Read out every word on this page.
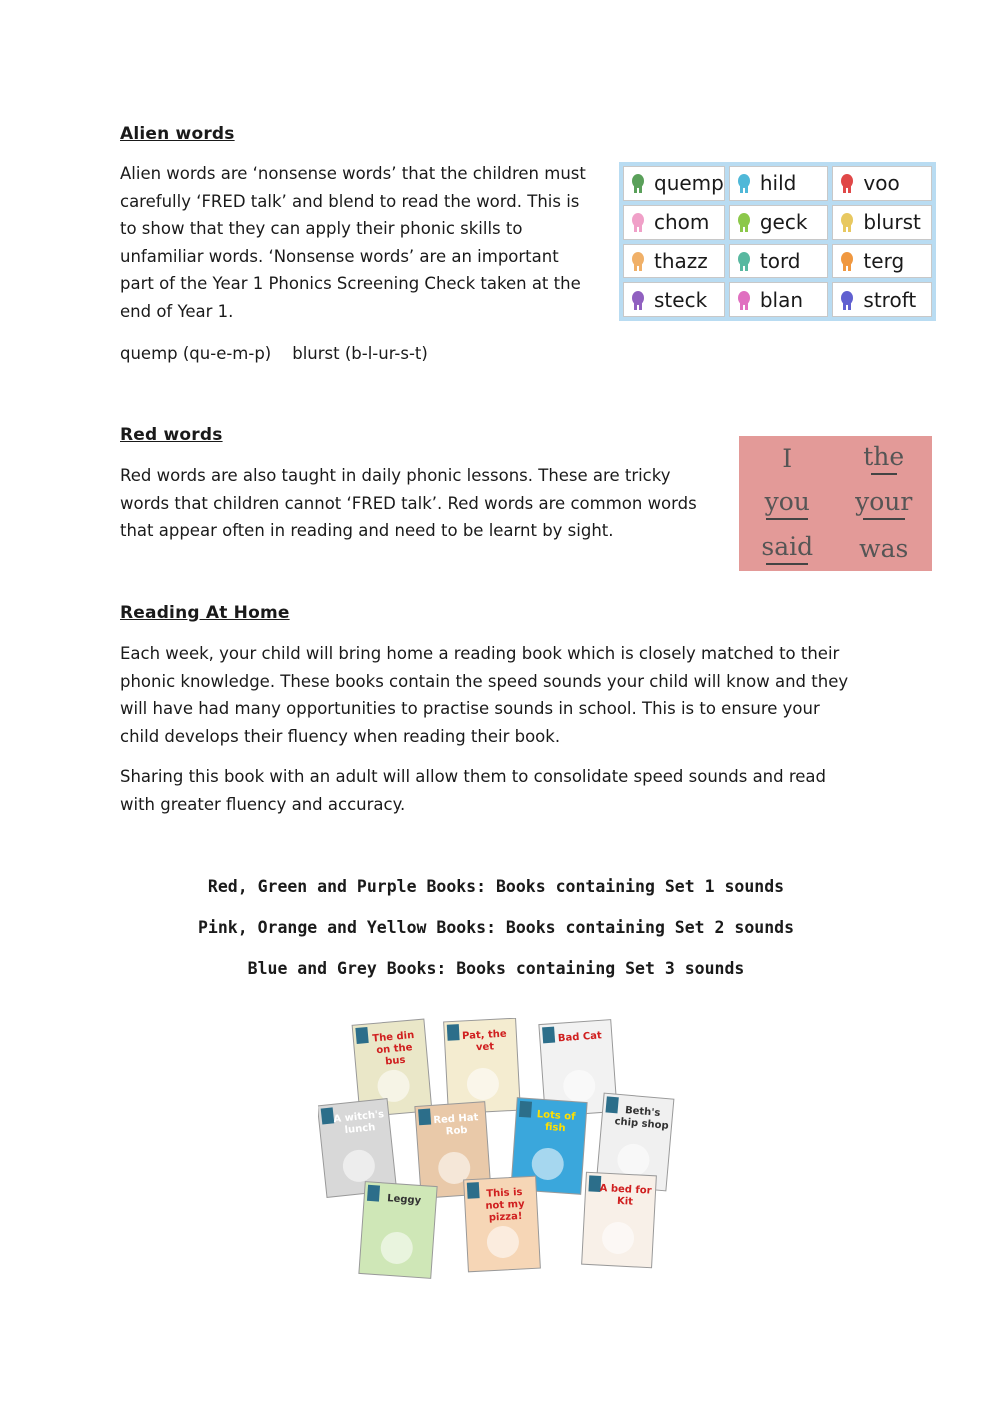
Alien words
Alien words are ‘nonsense words’ that the children must
carefully ‘FRED talk’ and blend to read the word. This is
to show that they can apply their phonic skills to
unfamiliar words. ‘Nonsense words’ are an important
part of the Year 1 Phonics Screening Check taken at the
end of Year 1.
quemp (qu-e-m-p)    blurst (b-l-ur-s-t)
quemp hild	voo
chom	geck	blurst
thazz	tord	terg
steck	blan	stroft
Red words
Red words are also taught in daily phonic lessons. These are tricky
words that children cannot ‘FRED talk’. Red words are common words
that appear often in reading and need to be learnt by sight.
I	the
you your
said was
Reading At Home
Each week, your child will bring home a reading book which is closely matched to their
phonic knowledge. These books contain the speed sounds your child will know and they
will have had many opportunities to practise sounds in school. This is to ensure your
child develops their fluency when reading their book.
Sharing this book with an adult will allow them to consolidate speed sounds and read
with greater fluency and accuracy.
Red, Green and Purple Books: Books containing Set 1 sounds
Pink, Orange and Yellow Books: Books containing Set 2 sounds
Blue and Grey Books: Books containing Set 3 sounds
The din
on the
bus
Pat, the
vet
Bad Cat
A witch's
lunch
Red Hat
Rob
Lots of
fish
Beth's
chip shop
Leggy	This is
not my
pizza!
A bed for
Kit
